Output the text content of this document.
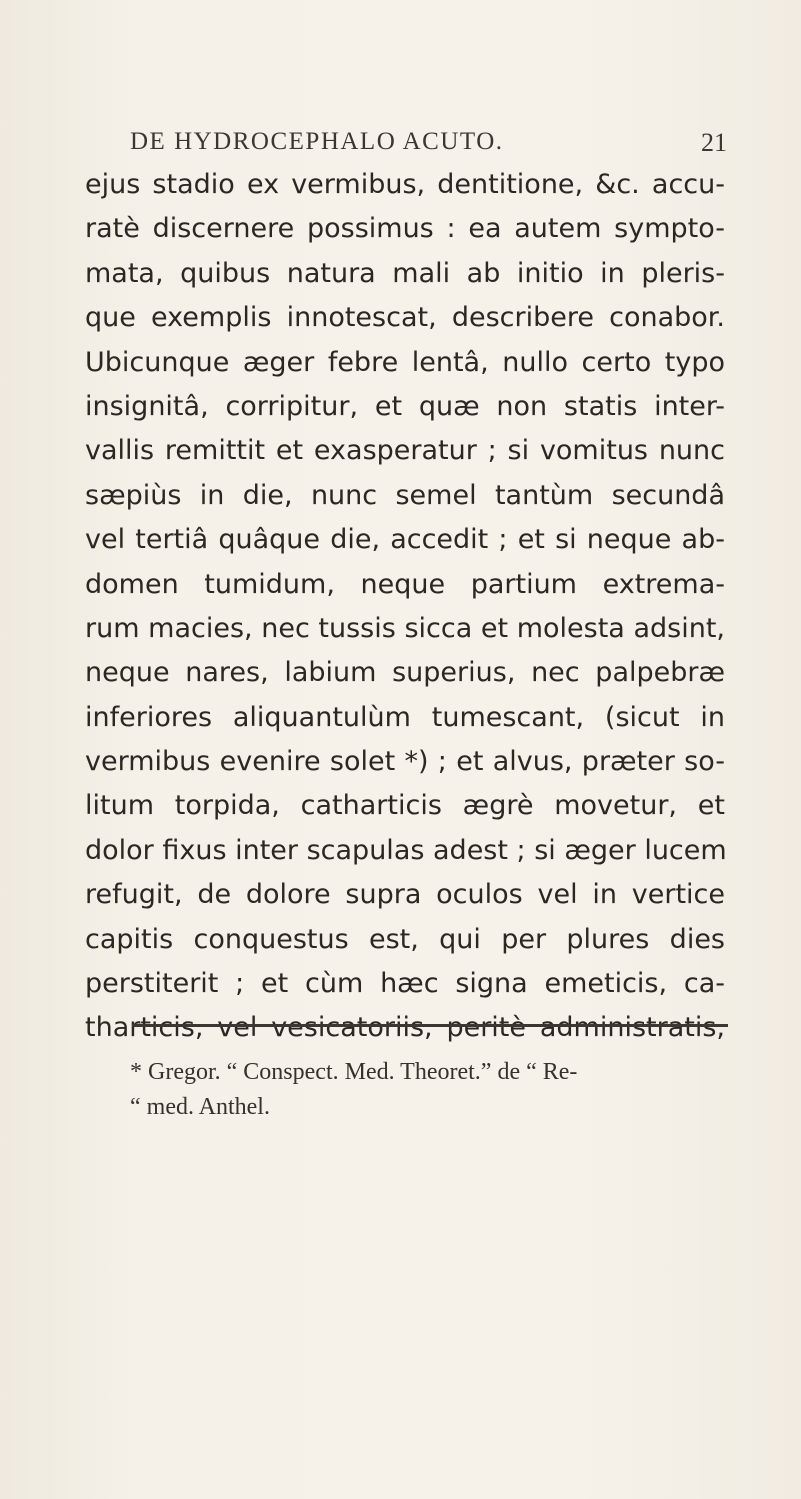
DE HYDROCEPHALO ACUTO.	21
ejus stadio ex vermibus, dentitione, &c. accu-
ratè discernere possimus : ea autem sympto-
mata, quibus natura mali ab initio in pleris-
que exemplis innotescat, describere conabor.
Ubicunque æger febre lentâ, nullo certo typo
insignitâ, corripitur, et quæ non statis inter-
vallis remittit et exasperatur ; si vomitus nunc
sæpiùs in die, nunc semel tantùm secundâ
vel tertiâ quâque die, accedit ; et si neque ab-
domen tumidum, neque partium extrema-
rum macies, nec tussis sicca et molesta adsint,
neque nares, labium superius, nec palpebræ
inferiores aliquantulùm tumescant, (sicut in
vermibus evenire solet *) ; et alvus, præter so-
litum torpida, catharticis ægrè movetur, et
dolor fixus inter scapulas adest ; si æger lucem
refugit, de dolore supra oculos vel in vertice
capitis conquestus est, qui per plures dies
perstiterit ; et cùm hæc signa emeticis, ca-
tharticis, vel vesicatoriis, peritè administratis,
* Gregor. “ Conspect. Med. Theoret.” de “ Re-
“ med. Anthel.
